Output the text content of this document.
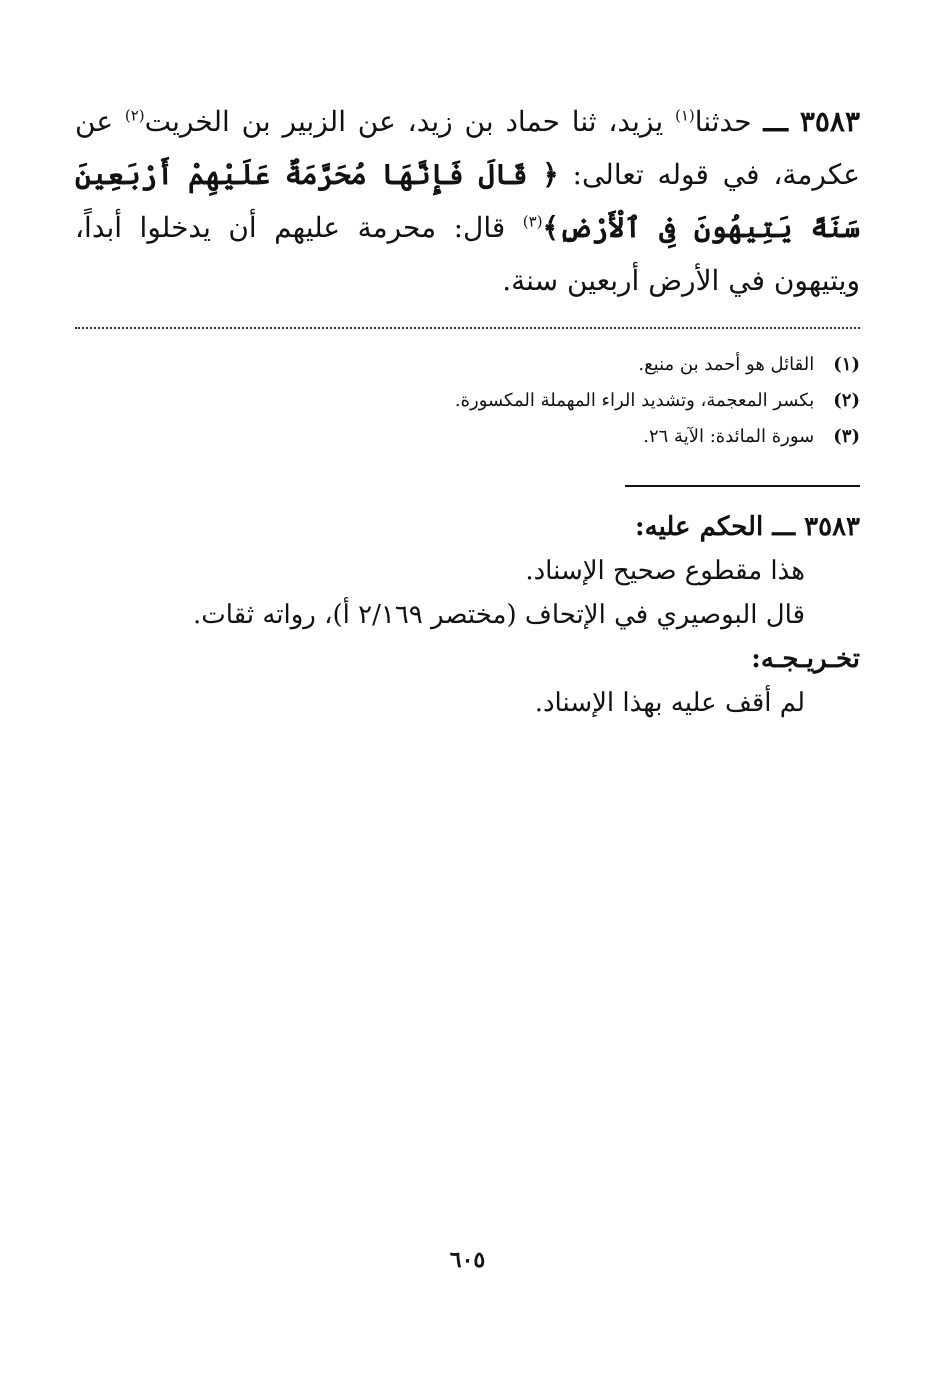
٣٥٨٣ ـــ حدثنا$^{(١)}$ يزيد، ثنا حماد بن زيد، عن الزبير بن الخريت$^{(٢)}$ عن عكرمة، في قوله تعالى: ﴿ قَالَ فَإِنَّهَا مُحَرَّمَةٌ عَلَيْهِمْ أَرْبَعِينَ سَنَةً يَتِيهُونَ فِى ٱلْأَرْضِ﴾$^{(٣)}$ قال: محرمة عليهم أن يدخلوا أبداً، ويتيهون في الأرض أربعين سنة.
(١) القائل هو أحمد بن منيع.
(٢) بكسر المعجمة، وتشديد الراء المهملة المكسورة.
(٣) سورة المائدة: الآية ٢٦.
٣٥٨٣ ـــ الحكم عليه:
هذا مقطوع صحيح الإسناد.
قال البوصيري في الإتحاف (مختصر ٢/١٦٩ أ)، رواته ثقات.
تخـريـجـه:
لم أقف عليه بهذا الإسناد.
٦٠٥
